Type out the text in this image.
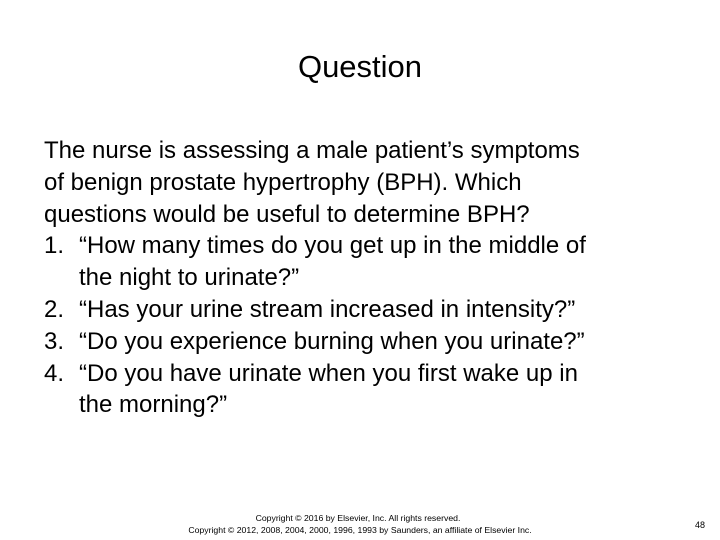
Question

The nurse is assessing a male patient’s symptoms
of benign prostate hypertrophy (BPH). Which
questions would be useful to determine BPH?

1. “How many times do you get up in the middle of
the night to urinate?”
2. “Has your urine stream increased in intensity?”
3. “Do you experience burning when you urinate?”
4. “Do you have urinate when you first wake up in
the morning?”
Copyright © 2016 by Elsevier, Inc. All rights reserved.
Copyright © 2012, 2008, 2004, 2000, 1996, 1993 by Saunders, an affiliate of Elsevier Inc.	48
